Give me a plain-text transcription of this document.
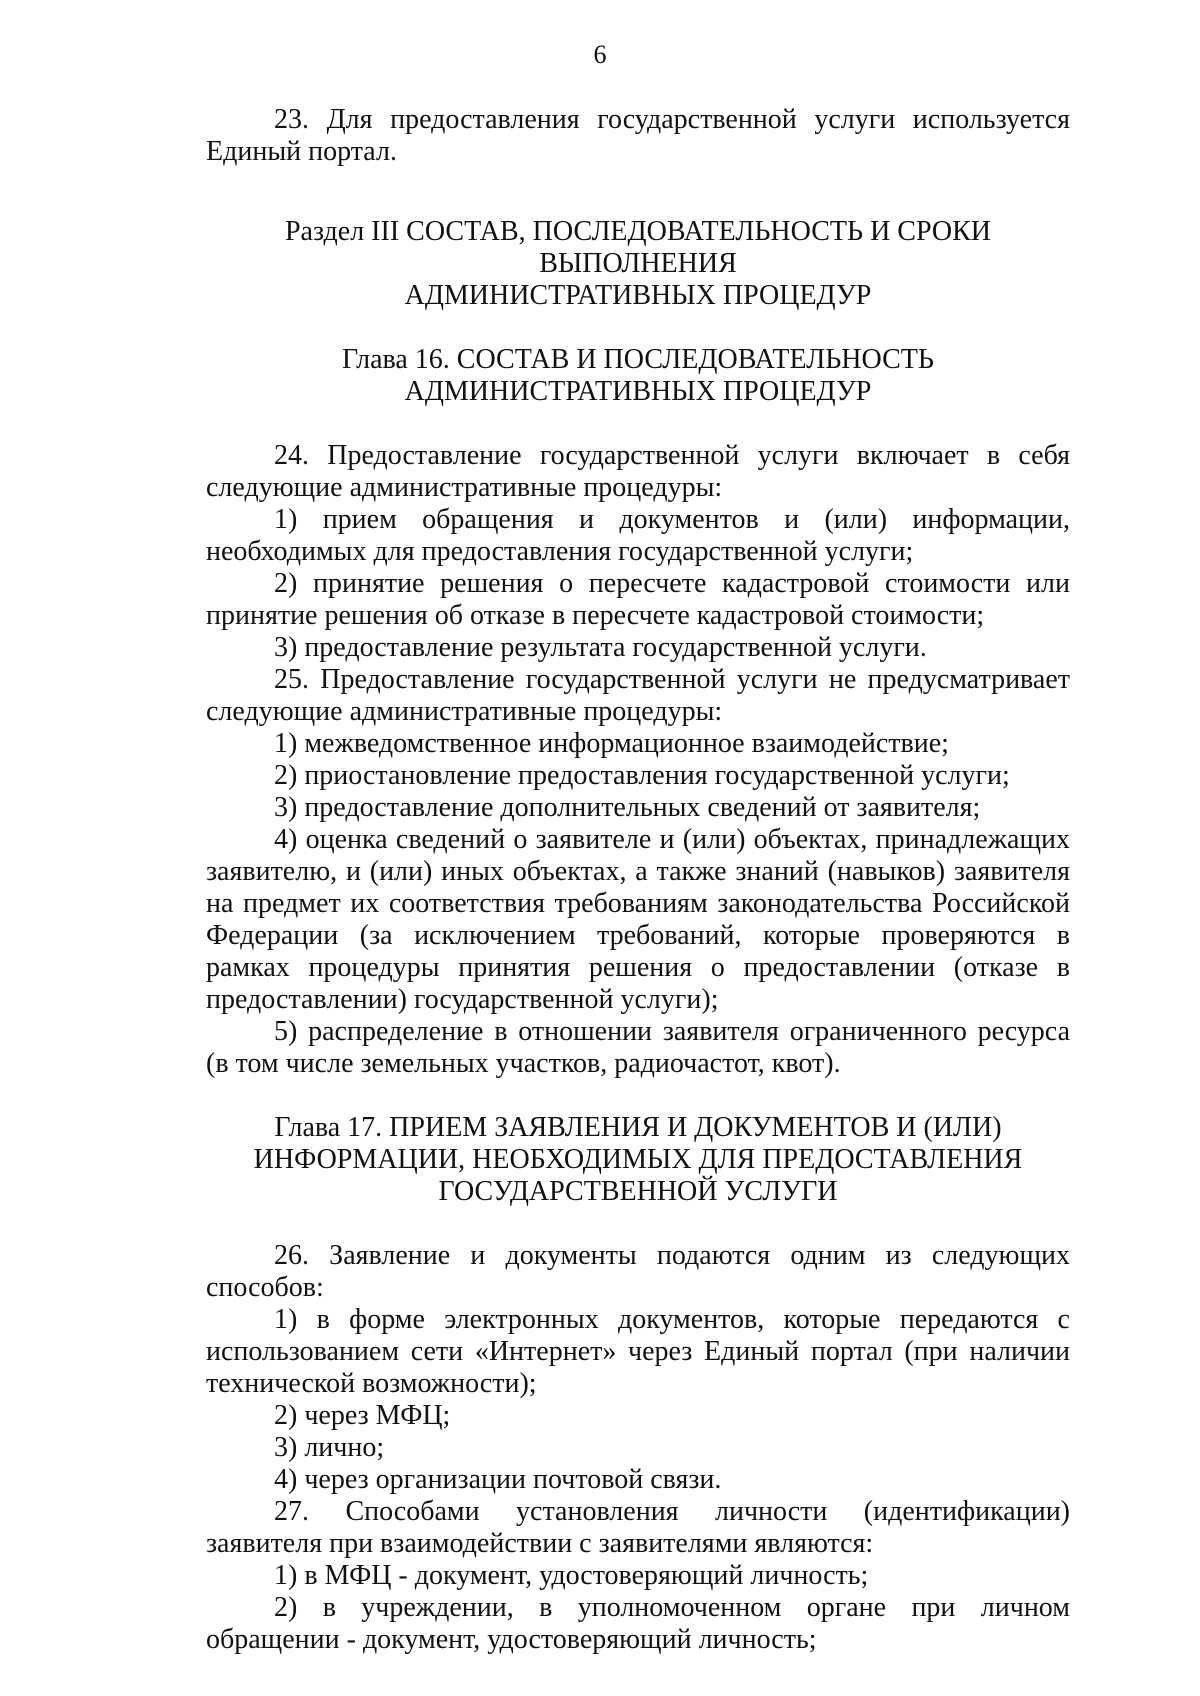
6

23. Для предоставления государственной услуги используется Единый портал.

Раздел III СОСТАВ, ПОСЛЕДОВАТЕЛЬНОСТЬ И СРОКИ ВЫПОЛНЕНИЯ
АДМИНИСТРАТИВНЫХ ПРОЦЕДУР
Глава 16. СОСТАВ И ПОСЛЕДОВАТЕЛЬНОСТЬ
АДМИНИСТРАТИВНЫХ ПРОЦЕДУР

24. Предоставление государственной услуги включает в себя следующие административные процедуры:

1) прием обращения и документов и (или) информации, необходимых для предоставления государственной услуги;

2) принятие решения о пересчете кадастровой стоимости или принятие решения об отказе в пересчете кадастровой стоимости;

3) предоставление результата государственной услуги.

25. Предоставление государственной услуги не предусматривает следующие административные процедуры:

1) межведомственное информационное взаимодействие;

2) приостановление предоставления государственной услуги;

3) предоставление дополнительных сведений от заявителя;

4) оценка сведений о заявителе и (или) объектах, принадлежащих заявителю, и (или) иных объектах, а также знаний (навыков) заявителя на предмет их соответствия требованиям законодательства Российской Федерации (за исключением требований, которые проверяются в рамках процедуры принятия решения о предоставлении (отказе в предоставлении) государственной услуги);

5) распределение в отношении заявителя ограниченного ресурса (в том числе земельных участков, радиочастот, квот).

Глава 17. ПРИЕМ ЗАЯВЛЕНИЯ И ДОКУМЕНТОВ И (ИЛИ)
ИНФОРМАЦИИ, НЕОБХОДИМЫХ ДЛЯ ПРЕДОСТАВЛЕНИЯ
ГОСУДАРСТВЕННОЙ УСЛУГИ

26. Заявление и документы подаются одним из следующих способов:

1) в форме электронных документов, которые передаются с использованием сети «Интернет» через Единый портал (при наличии технической возможности);

2) через МФЦ;

3) лично;

4) через организации почтовой связи.

27. Способами установления личности (идентификации) заявителя при взаимодействии с заявителями являются:

1) в МФЦ - документ, удостоверяющий личность;

2) в учреждении, в уполномоченном органе при личном обращении - документ, удостоверяющий личность;
